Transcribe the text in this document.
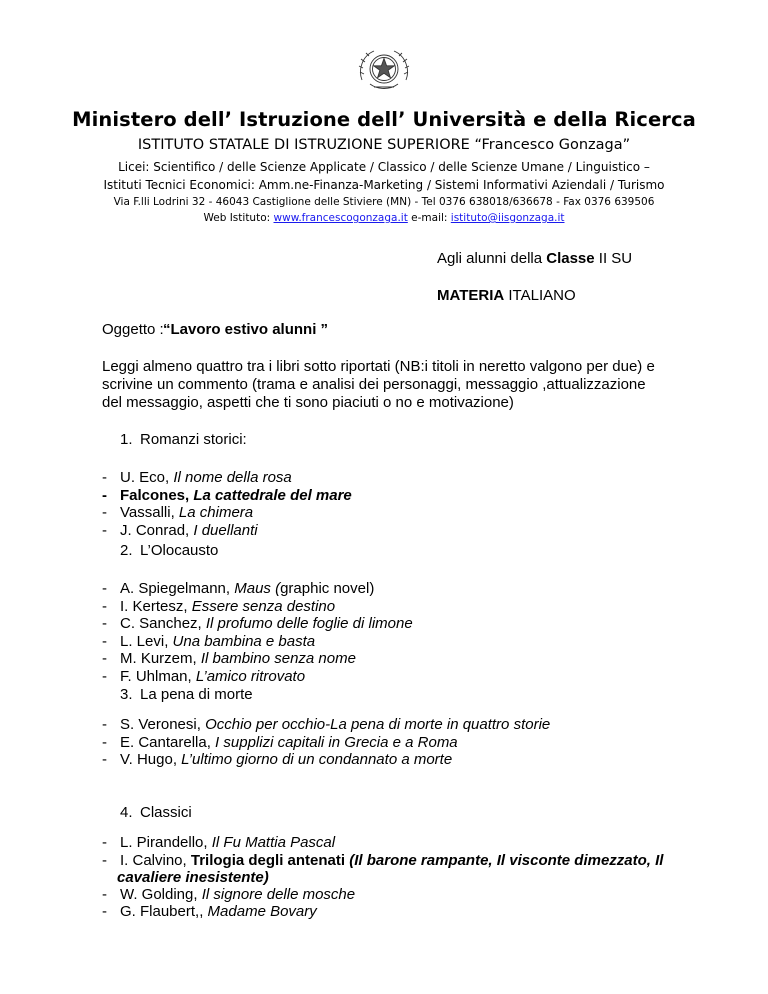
Ministero dell’ Istruzione dell’ Università e della Ricerca
ISTITUTO STATALE DI ISTRUZIONE SUPERIORE “Francesco Gonzaga”
Licei: Scientifico / delle Scienze Applicate / Classico / delle Scienze Umane / Linguistico –
Istituti Tecnici Economici: Amm.ne-Finanza-Marketing / Sistemi Informativi Aziendali / Turismo
Via F.lli Lodrini 32 - 46043 Castiglione delle Stiviere (MN) - Tel 0376 638018/636678 - Fax 0376 639506
Web Istituto: www.francescogonzaga.it e-mail: istituto@iisgonzaga.it
Agli alunni della Classe II SU
MATERIA ITALIANO
Oggetto : “Lavoro estivo alunni ”
Leggi almeno quattro tra i libri sotto riportati (NB:i titoli in neretto valgono per due) e scrivine un commento (trama e analisi dei personaggi, messaggio ,attualizzazione del messaggio, aspetti che ti sono piaciuti o no e motivazione)
1. Romanzi storici:
- U. Eco, Il nome della rosa
- Falcones, La cattedrale del mare
- Vassalli, La chimera
- J. Conrad, I duellanti
2. L’Olocausto
- A. Spiegelmann, Maus (graphic novel)
- I. Kertesz, Essere senza destino
- C. Sanchez, Il profumo delle foglie di limone
- L. Levi, Una bambina e basta
- M. Kurzem, Il bambino senza nome
- F. Uhlman, L’amico ritrovato
3. La pena di morte
- S. Veronesi, Occhio per occhio-La pena di morte in quattro storie
- E. Cantarella, I supplizi capitali in Grecia e a Roma
- V. Hugo, L’ultimo giorno di un condannato a morte
4. Classici
- L. Pirandello, Il Fu Mattia Pascal
- I. Calvino, Trilogia degli antenati (Il barone rampante, Il visconte dimezzato, Il cavaliere inesistente)
- W. Golding, Il signore delle mosche
- G. Flaubert,, Madame Bovary
